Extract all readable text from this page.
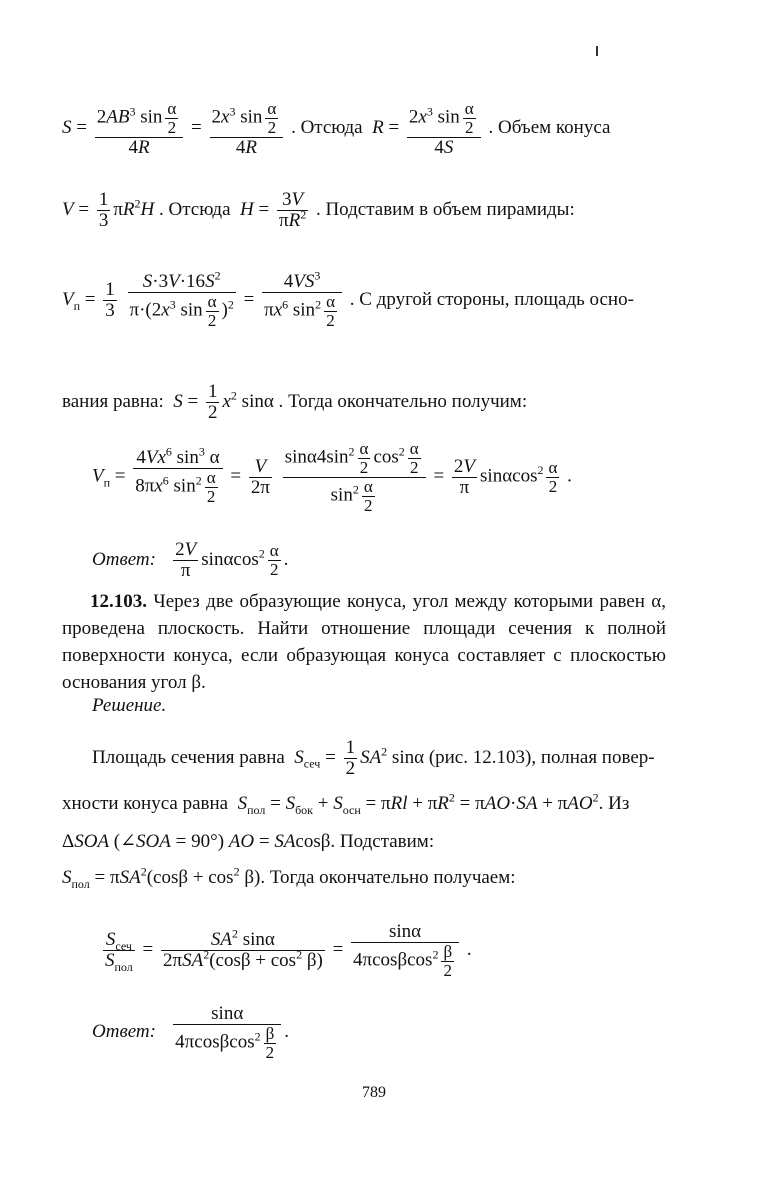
$S = \frac{2AB^3 \sin \frac{\alpha}{2}}{4R} = \frac{2x^3 \sin \frac{\alpha}{2}}{4R}$ . Отсюда $R = \frac{2x^3 \sin \frac{\alpha}{2}}{4S}$ . Объем конуса
$V = \frac{1}{3} \pi R^2H$ . Отсюда $H = \frac{3V}{\pi R^2}$ . Подставим в объем пирамиды:
$V_п = \frac{1}{3}$
$\frac{S\cdot 3V\cdot 16S^2}{\pi\cdot(2x^3 \sin \frac{\alpha}{2} )^2} = \frac{4VS^3}{\pi x^6 \sin^2 \frac{\alpha}{2}}$ . С другой стороны, площадь осно-
вания равна: $S = \frac{1}{2} x^2$ sinα . Тогда окончательно получим:
$V_п = \frac{4Vx^6 \sin^3 \alpha}{8\pi x^6 \sin^2 \frac{\alpha}{2}} = \frac{V}{2\pi}$
$\frac{\sin\alpha 4\sin^2 \frac{\alpha}{2} \cos^2 \frac{\alpha}{2}}{\sin^2 \frac{\alpha}{2}} = \frac{2V}{\pi} \sin\alpha\cos^2 \frac{\alpha}{2}$ .
Ответ: $\frac{2V}{\pi} \sin\alpha\cos^2 \frac{\alpha}{2}$ .
12.103. Через две образующие конуса, угол между которыми равен α, проведена плоскость. Найти отношение площади сечения к полной поверхности конуса, если образующая конуса составляет с плоскостью основания угол β.
Решение.
Площадь сечения равна $S_{сеч} = \frac{1}{2} SA^2$ sinα (рис. 12.103), полная повер-
хности конуса равна $S_{пол} = S_{бок} + S_{осн} = \pi Rl + \pi R^2 = \pi AO\cdot SA + \pi AO^2$. Из
ΔSOA (∠SOA = 90°) AO = SAcosβ. Подставим:
$S_{пол} = \pi SA^2(\cos\beta + \cos^2 \beta)$. Тогда окончательно получаем:
$\frac{S_{сеч}}{S_{пол}} = \frac{SA^2 \sin\alpha}{2\pi SA^2(\cos\beta + \cos^2 \beta)} = \frac{\sin\alpha}{4\pi\cos\beta\cos^2 \frac{\beta}{2}}$ .
Ответ: $\frac{\sin\alpha}{4\pi\cos\beta\cos^2 \frac{\beta}{2}}$ .
789
